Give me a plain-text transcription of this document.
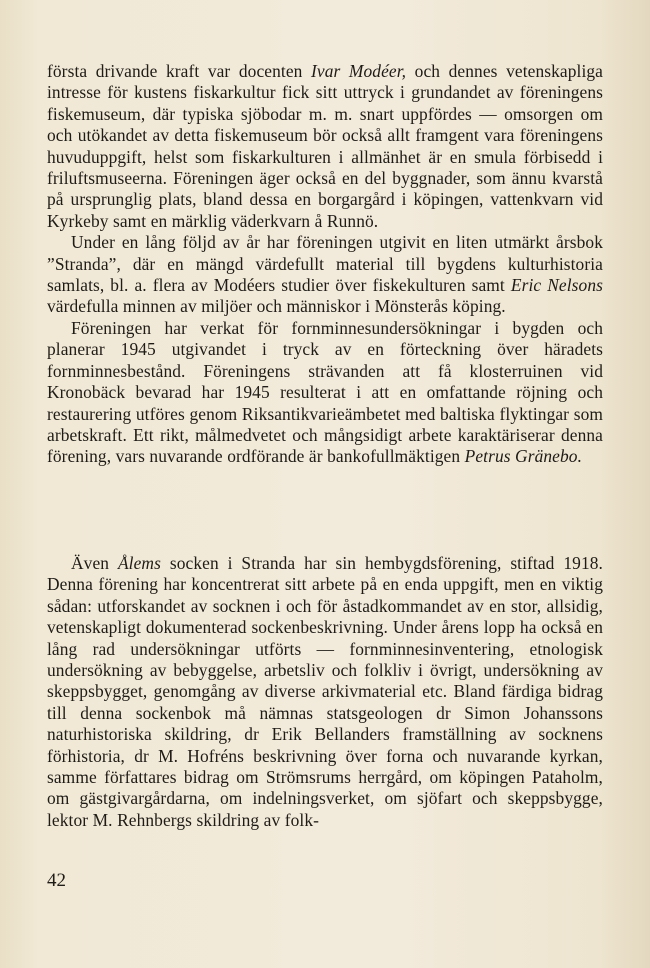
första drivande kraft var docenten Ivar Modéer, och dennes vetenskapliga intresse för kustens fiskarkultur fick sitt uttryck i grundandet av föreningens fiskemuseum, där typiska sjöbodar m. m. snart uppfördes — omsorgen om och utökandet av detta fiskemuseum bör också allt framgent vara föreningens huvuduppgift, helst som fiskarkulturen i allmänhet är en smula förbisedd i friluftsmuseerna. Föreningen äger också en del byggnader, som ännu kvarstå på ursprunglig plats, bland dessa en borgargård i köpingen, vattenkvarn vid Kyrkeby samt en märklig väderkvarn å Runnö.

Under en lång följd av år har föreningen utgivit en liten utmärkt årsbok ”Stranda”, där en mängd värdefullt material till bygdens kulturhistoria samlats, bl. a. flera av Modéers studier över fiskekulturen samt Eric Nelsons värdefulla minnen av miljöer och människor i Mönsterås köping.

Föreningen har verkat för fornminnesundersökningar i bygden och planerar 1945 utgivandet i tryck av en förteckning över häradets fornminnesbestånd. Föreningens strävanden att få klosterruinen vid Kronobäck bevarad har 1945 resulterat i att en omfattande röjning och restaurering utföres genom Riksantikvarieämbetet med baltiska flyktingar som arbetskraft. Ett rikt, målmedvetet och mångsidigt arbete karaktäriserar denna förening, vars nuvarande ordförande är bankofullmäktigen Petrus Gränebo.

Även Ålems socken i Stranda har sin hembygdsförening, stiftad 1918. Denna förening har koncentrerat sitt arbete på en enda uppgift, men en viktig sådan: utforskandet av socknen i och för åstadkommandet av en stor, allsidig, vetenskapligt dokumenterad sockenbeskrivning. Under årens lopp ha också en lång rad undersökningar utförts — fornminnesinventering, etnologisk undersökning av bebyggelse, arbetsliv och folkliv i övrigt, undersökning av skeppsbygget, genomgång av diverse arkivmaterial etc. Bland färdiga bidrag till denna sockenbok må nämnas statsgeologen dr Simon Johanssons naturhistoriska skildring, dr Erik Bellanders framställning av socknens förhistoria, dr M. Hofréns beskrivning över forna och nuvarande kyrkan, samme författares bidrag om Strömsrums herrgård, om köpingen Pataholm, om gästgivargårdarna, om indelningsverket, om sjöfart och skeppsbygge, lektor M. Rehnbergs skildring av folk-

42
